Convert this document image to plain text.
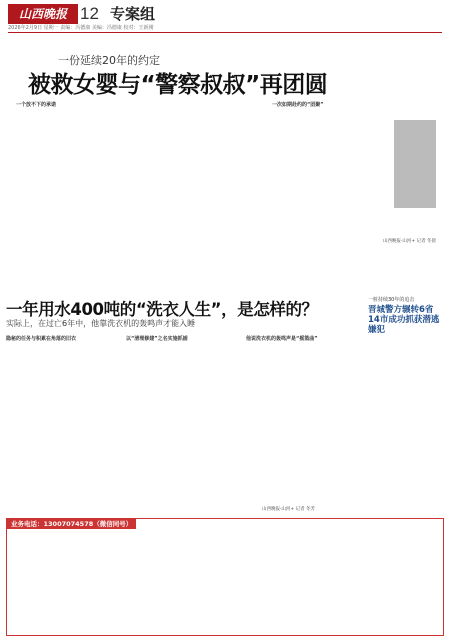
山西晚报 12 专案组
2026年2月9日 星期一 责编：冯德康 美编：冯德康 校对：王新刚
一份延续20年的约定
被救女婴与“警察叔叔”再团圆
一个放不下的承诺	一次如期赴约的“团聚”
山西晚报·山河+ 记者 冬晨
一年用水400吨的“洗衣人生”，是怎样的？
实际上，在过亡6年中，他靠洗衣机的轰鸣声才能入睡
隐秘的任务与积累在角落的旧衣	以“清理修建”之名实施抓捕	他说洗衣机的轰鸣声是“摇篮曲”
山西晚报·山河+ 记者 冬芳
一桩持续30年的追击
晋城警方辗转6省14市成功抓获潜逃嫌犯
业务电话：13007074578（微信同号）
